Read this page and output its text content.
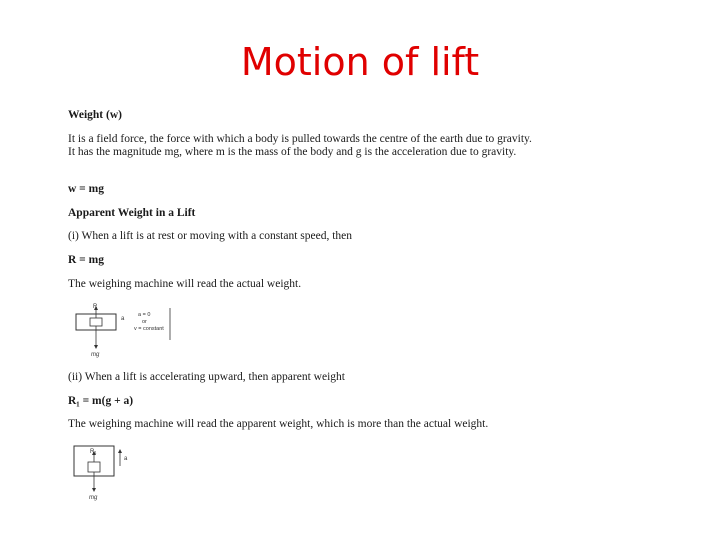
Motion of lift
Weight (w)
It is a field force, the force with which a body is pulled towards the centre of the earth due to gravity. It has the magnitude mg, where m is the mass of the body and g is the acceleration due to gravity.
w = mg
Apparent Weight in a Lift
(i) When a lift is at rest or moving with a constant speed, then
R = mg
The weighing machine will read the actual weight.
R
mg
a
a = 0
or
v = constant
(ii) When a lift is accelerating upward, then apparent weight
R₁ = m(g + a)
The weighing machine will read the apparent weight, which is more than the actual weight.
R₁
mg
a
